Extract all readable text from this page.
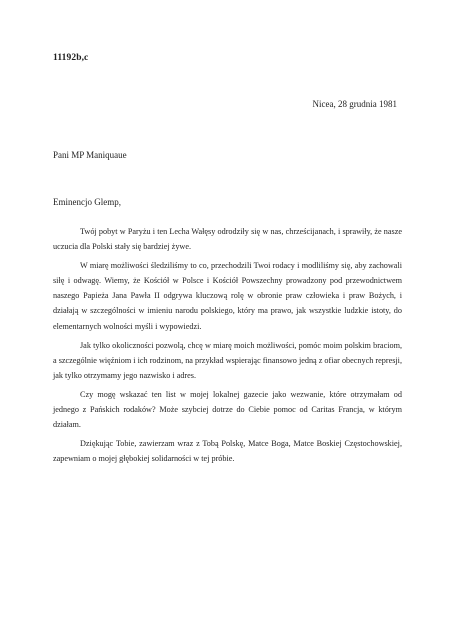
11192b,c
Nicea, 28 grudnia 1981
Pani MP Maniquaue
Eminencjo Glemp,

Twój pobyt w Paryżu i ten Lecha Wałęsy odrodziły się w nas, chrześcijanach, i sprawiły, że nasze uczucia dla Polski stały się bardziej żywe.

W miarę możliwości śledziliśmy to co, przechodzili Twoi rodacy i modliliśmy się, aby zachowali siłę i odwagę. Wiemy, że Kościół w Polsce i Kościół Powszechny prowadzony pod przewodnictwem naszego Papieża Jana Pawła II odgrywa kluczową rolę w obronie praw człowieka i praw Bożych, i działają w szczególności w imieniu narodu polskiego, który ma prawo, jak wszystkie ludzkie istoty, do elementarnych wolności myśli i wypowiedzi.

Jak tylko okoliczności pozwolą, chcę w miarę moich możliwości, pomóc moim polskim braciom, a szczególnie więźniom i ich rodzinom, na przykład wspierając finansowo jedną z ofiar obecnych represji, jak tylko otrzymamy jego nazwisko i adres.

Czy mogę wskazać ten list w mojej lokalnej gazecie jako wezwanie, które otrzymałam od jednego z Pańskich rodaków? Może szybciej dotrze do Ciebie pomoc od Caritas Francja, w którym działam.

Dziękując Tobie, zawierzam wraz z Tobą Polskę, Matce Boga, Matce Boskiej Częstochowskiej, zapewniam o mojej głębokiej solidarności w tej próbie.
